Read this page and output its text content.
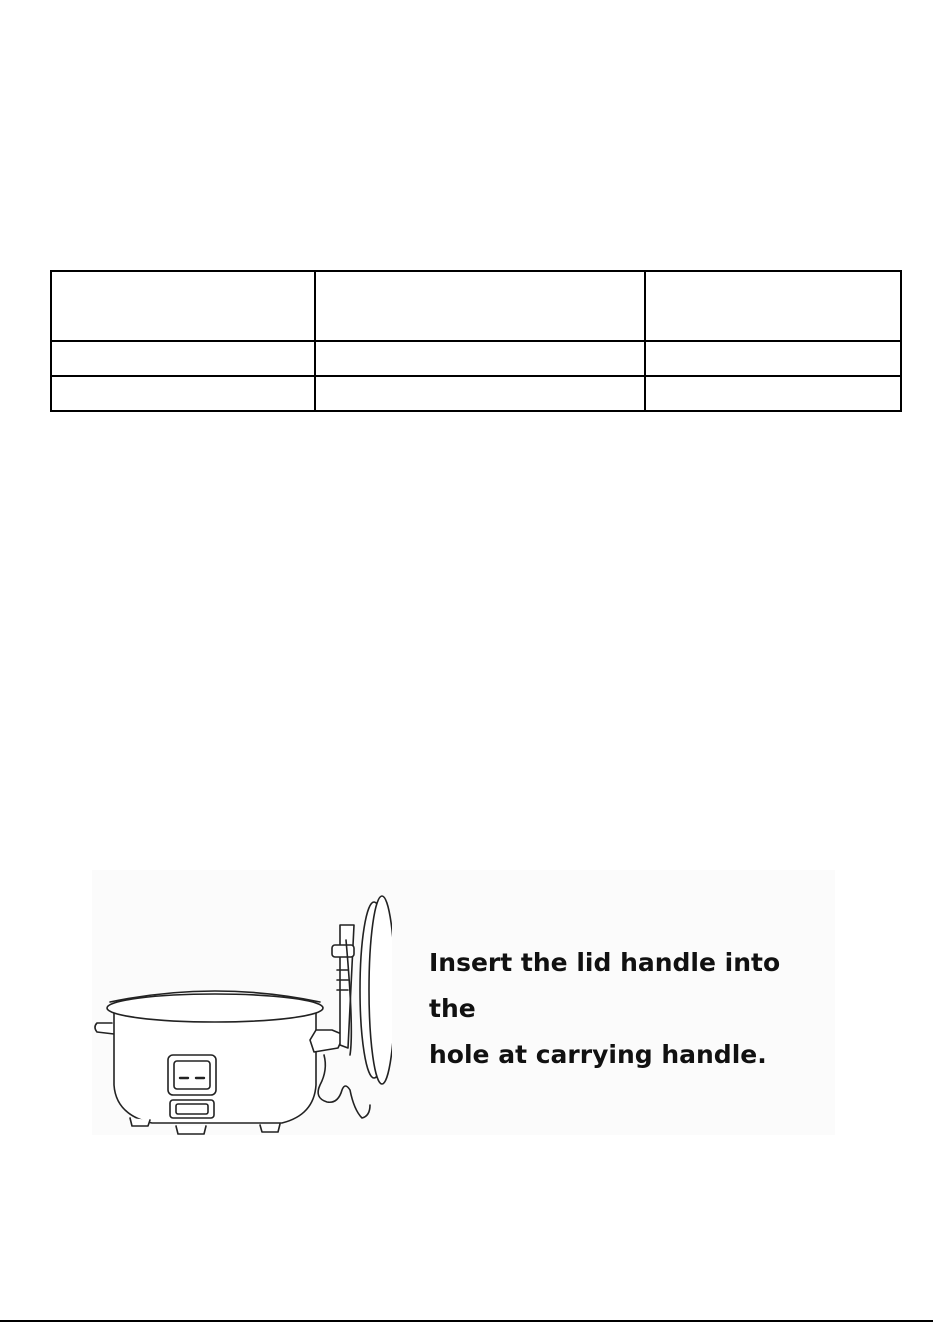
Insert the lid handle into the
hole at carrying handle.
